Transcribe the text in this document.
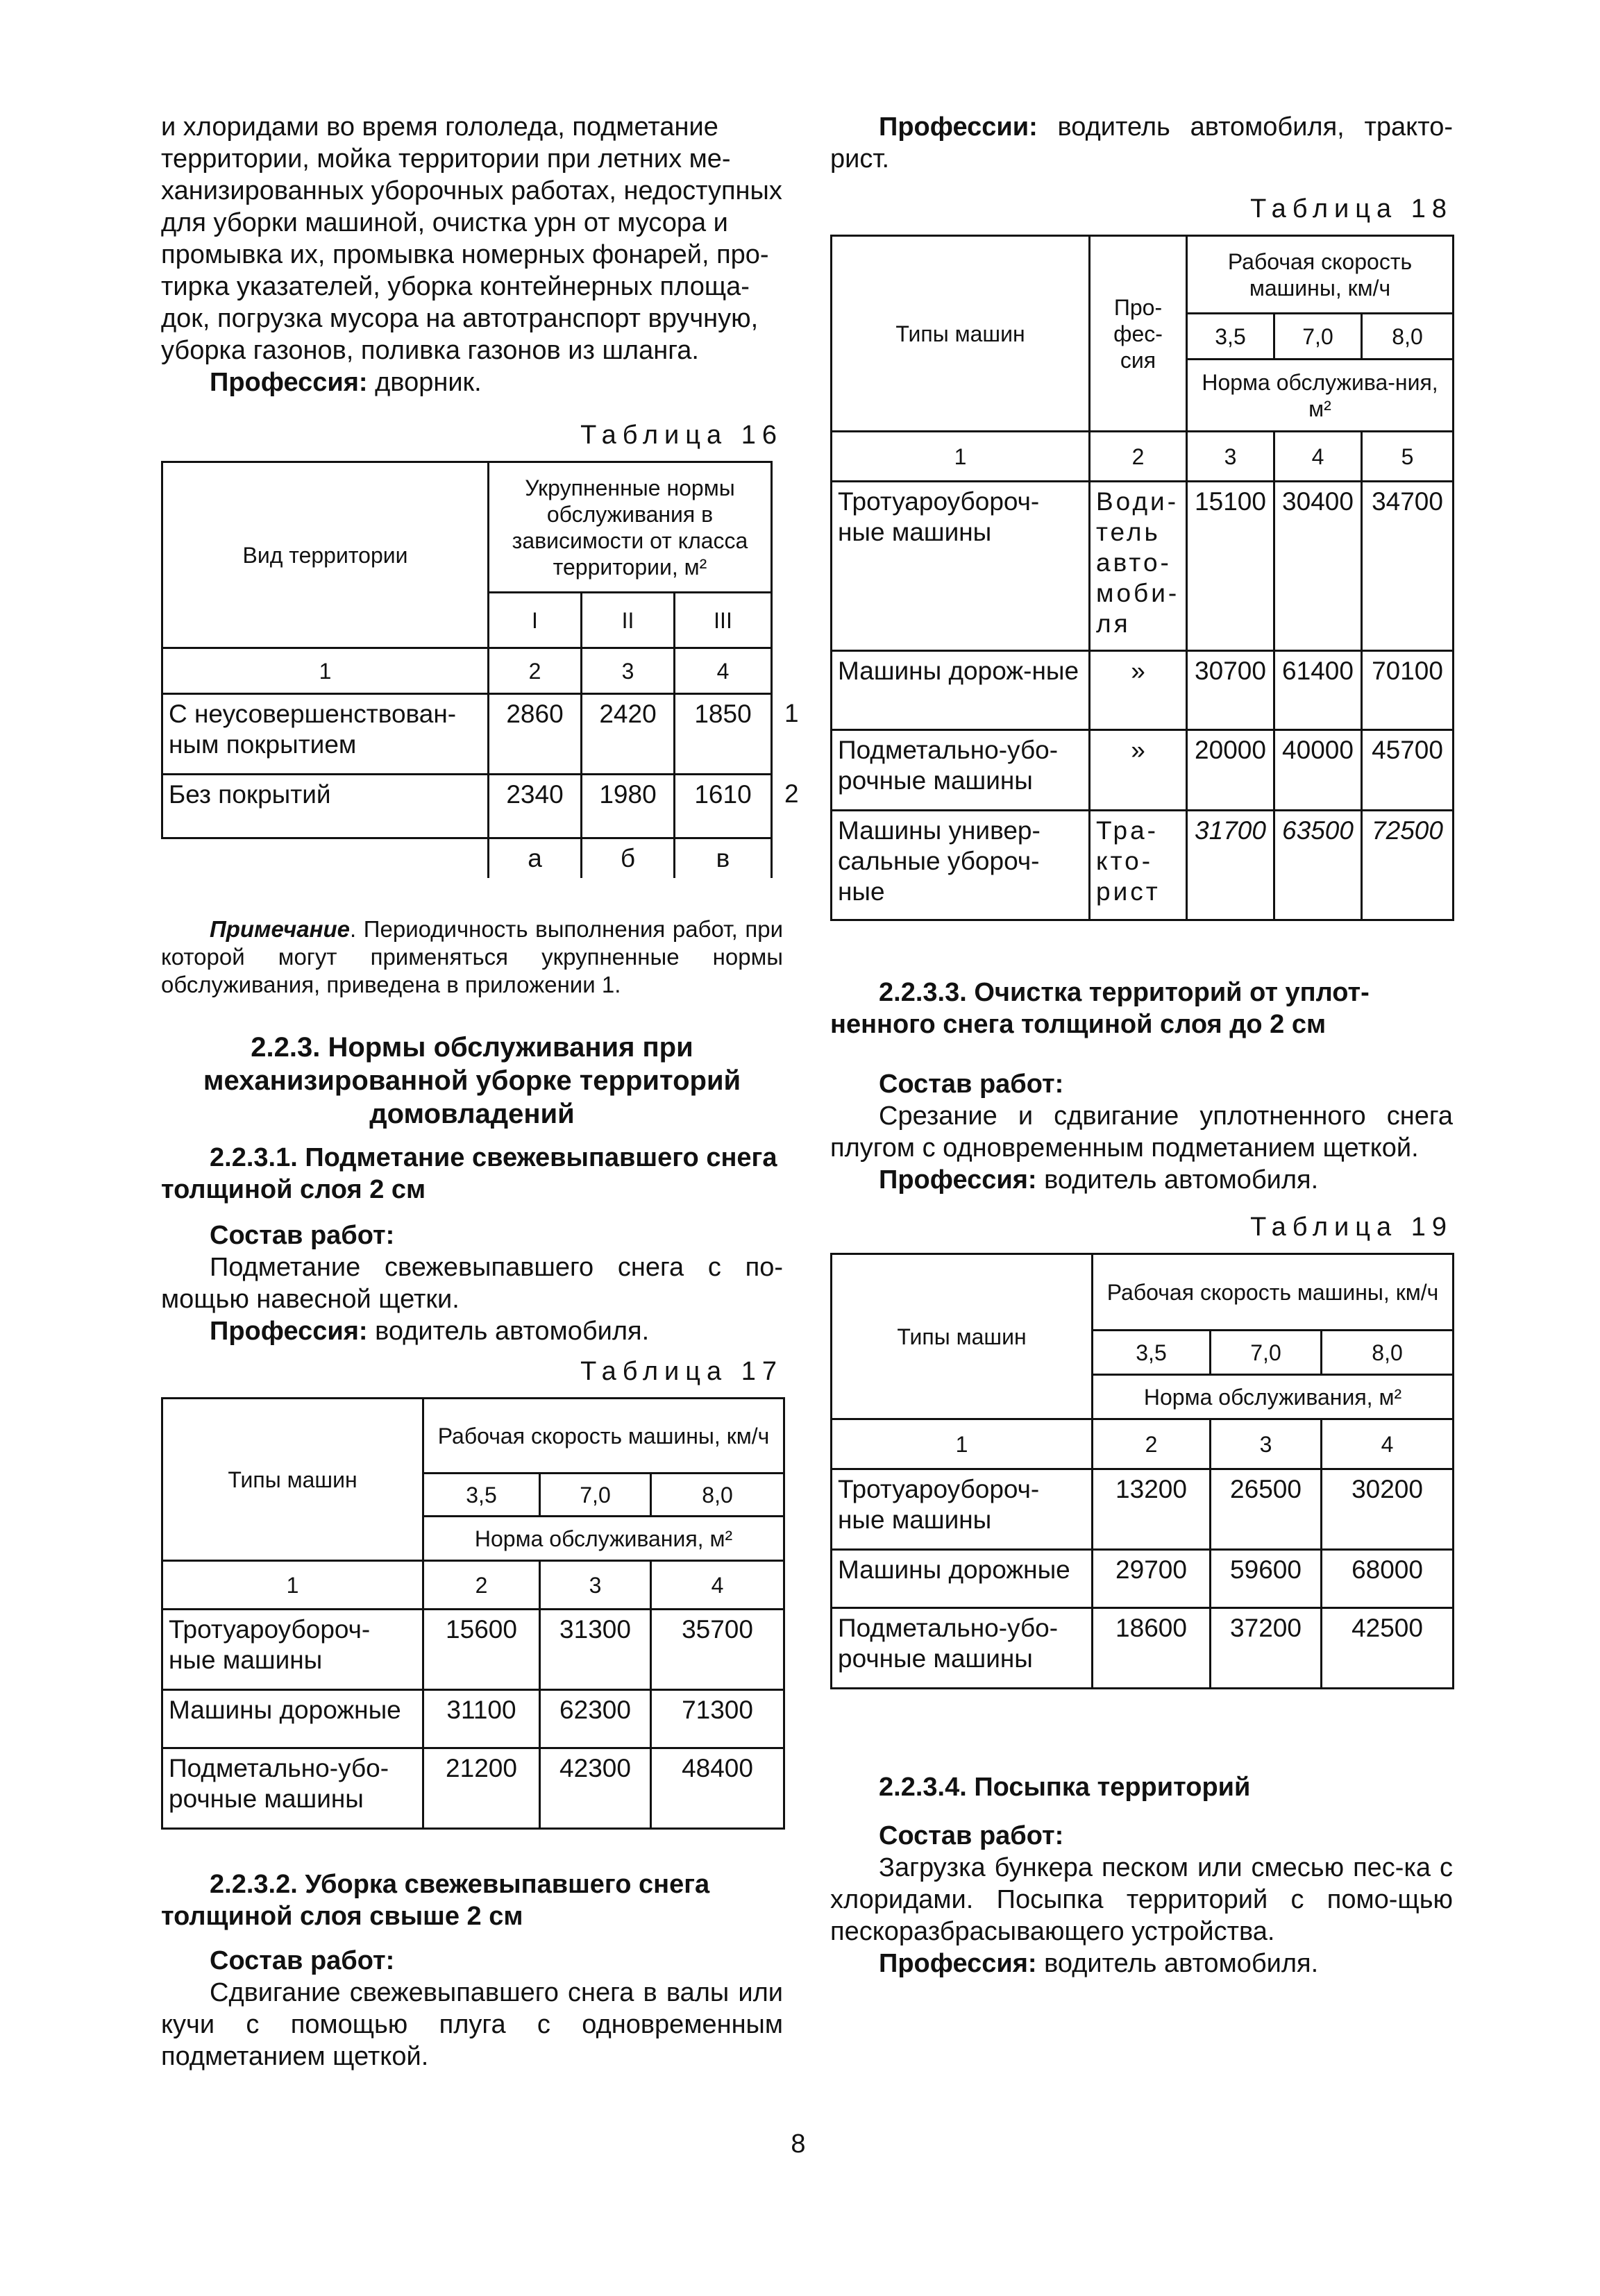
и хлоридами во время гололеда, подметание

территории, мойка территории при летних ме-

ханизированных уборочных работах, недоступных

для уборки машиной, очистка урн от мусора и

промывка их, промывка номерных фонарей, про-

тирка указателей, уборка контейнерных площа-

док, погрузка мусора на автотранспорт вручную,

уборка газонов, поливка газонов из шланга.

Профессия: дворник.

Таблица 16

Вид территории	Укрупненные нормы обслуживания в зависимости от класса территории, м²			
	I	II	III	
1	2	3	4	
С неусовершенствован-ным покрытием	2860	2420	1850	1
Без покрытий	2340	1980	1610	2
	а	б	в	

Примечание. Периодичность выполнения работ, при которой могут применяться укрупненные нормы обслуживания, приведена в приложении 1.

2.2.3. Нормы обслуживания при механизированной уборке территорий домовладений
2.2.3.1. Подметание свежевыпавшего снега толщиной слоя 2 см

Состав работ:

Подметание свежевыпавшего снега с по-мощью навесной щетки.

Профессия: водитель автомобиля.

Таблица 17

Типы машин	Рабочая скорость машины, км/ч		
	3,5	7,0	8,0
	Норма обслуживания, м²		
1	2	3	4
Тротуароубороч-ные машины	15600	31300	35700
Машины дорожные	31100	62300	71300
Подметально-убо-рочные машины	21200	42300	48400
2.2.3.2. Уборка свежевыпавшего снега толщиной слоя свыше 2 см

Состав работ:

Сдвигание свежевыпавшего снега в валы или кучи с помощью плуга с одновременным подметанием щеткой.

Профессии: водитель автомобиля, тракто-рист.

Таблица 18

Типы машин	Про-фес-сия	Рабочая скорость машины, км/ч		
		3,5	7,0	8,0
		Норма обслужива-ния, м²		
1	2	3	4	5
Тротуароубороч-ные машины	Води-тель авто-моби-ля	15100	30400	34700
Машины дорож-ные	»	30700	61400	70100
Подметально-убо-рочные машины	»	20000	40000	45700
Машины универ-сальные убороч-ные	Тра-кто-рист	31700	63500	72500
2.2.3.3. Очистка территорий от уплот-ненного снега толщиной слоя до 2 см

Состав работ:

Срезание и сдвигание уплотненного снега плугом с одновременным подметанием щеткой.

Профессия: водитель автомобиля.

Таблица 19

Типы машин	Рабочая скорость машины, км/ч		
	3,5	7,0	8,0
	Норма обслуживания, м²		
1	2	3	4
Тротуароубороч-ные машины	13200	26500	30200
Машины дорожные	29700	59600	68000
Подметально-убо-рочные машины	18600	37200	42500
2.2.3.4. Посыпка территорий

Состав работ:

Загрузка бункера песком или смесью пес-ка с хлоридами. Посыпка территорий с помо-щью пескоразбрасывающего устройства.

Профессия: водитель автомобиля.

8
